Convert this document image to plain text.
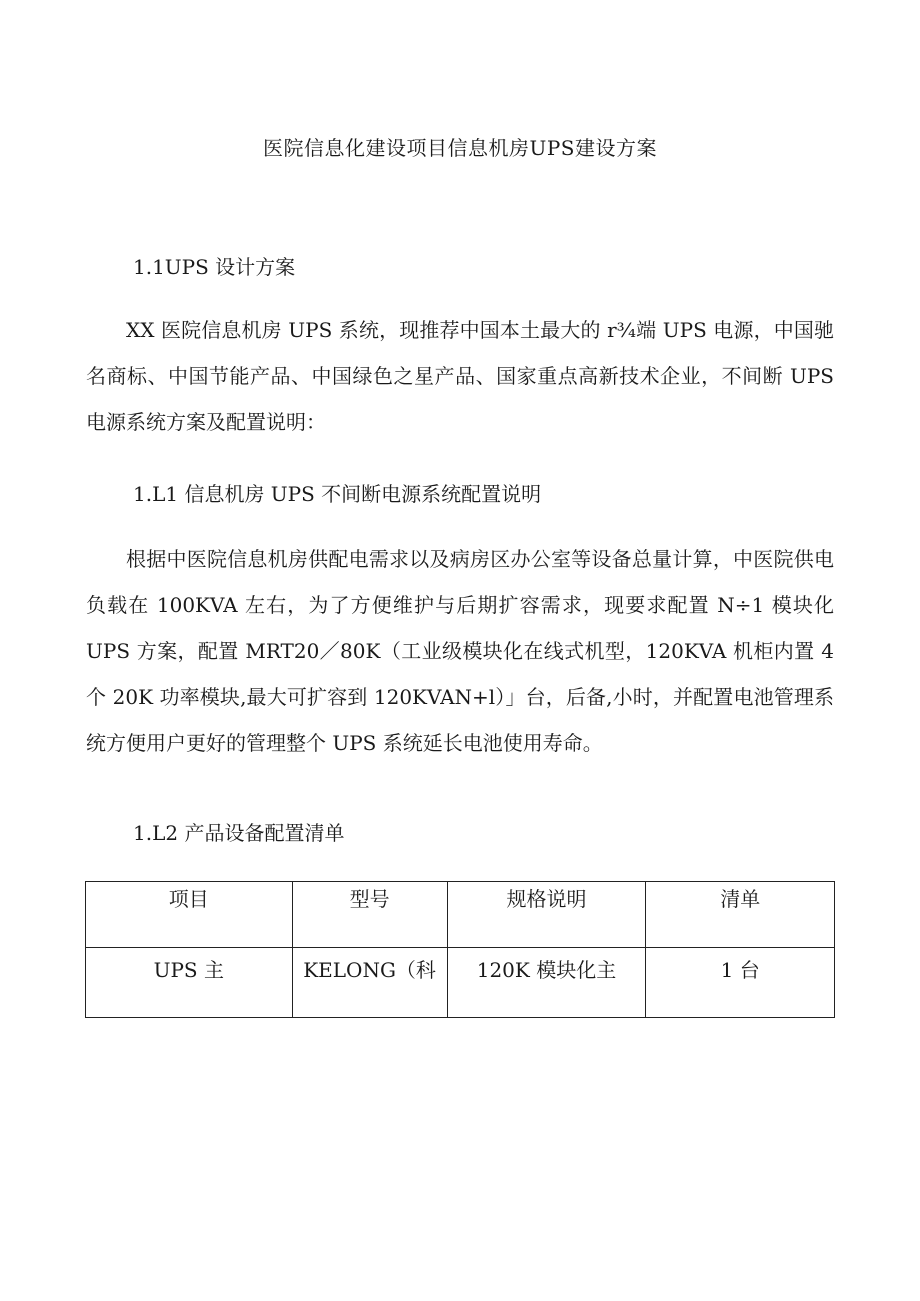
医院信息化建设项目信息机房UPS建设方案
1.1UPS 设计方案

XX 医院信息机房 UPS 系统，现推荐中国本土最大的 r¾端 UPS 电源，中国驰名商标、中国节能产品、中国绿色之星产品、国家重点高新技术企业，不间断 UPS 电源系统方案及配置说明：

1.L1 信息机房 UPS 不间断电源系统配置说明

根据中医院信息机房供配电需求以及病房区办公室等设备总量计算，中医院供电负载在 100KVA 左右，为了方便维护与后期扩容需求，现要求配置 N÷1 模块化 UPS 方案，配置 MRT20／80K（工业级模块化在线式机型，120KVA 机柜内置 4 个 20K 功率模块,最大可扩容到 120KVAN+l）」台，后备,小时，并配置电池管理系统方便用户更好的管理整个 UPS 系统延长电池使用寿命。

1.L2 产品设备配置清单
项目	型号	规格说明	清单
UPS 主	KELONG（科	120K 模块化主	1 台
